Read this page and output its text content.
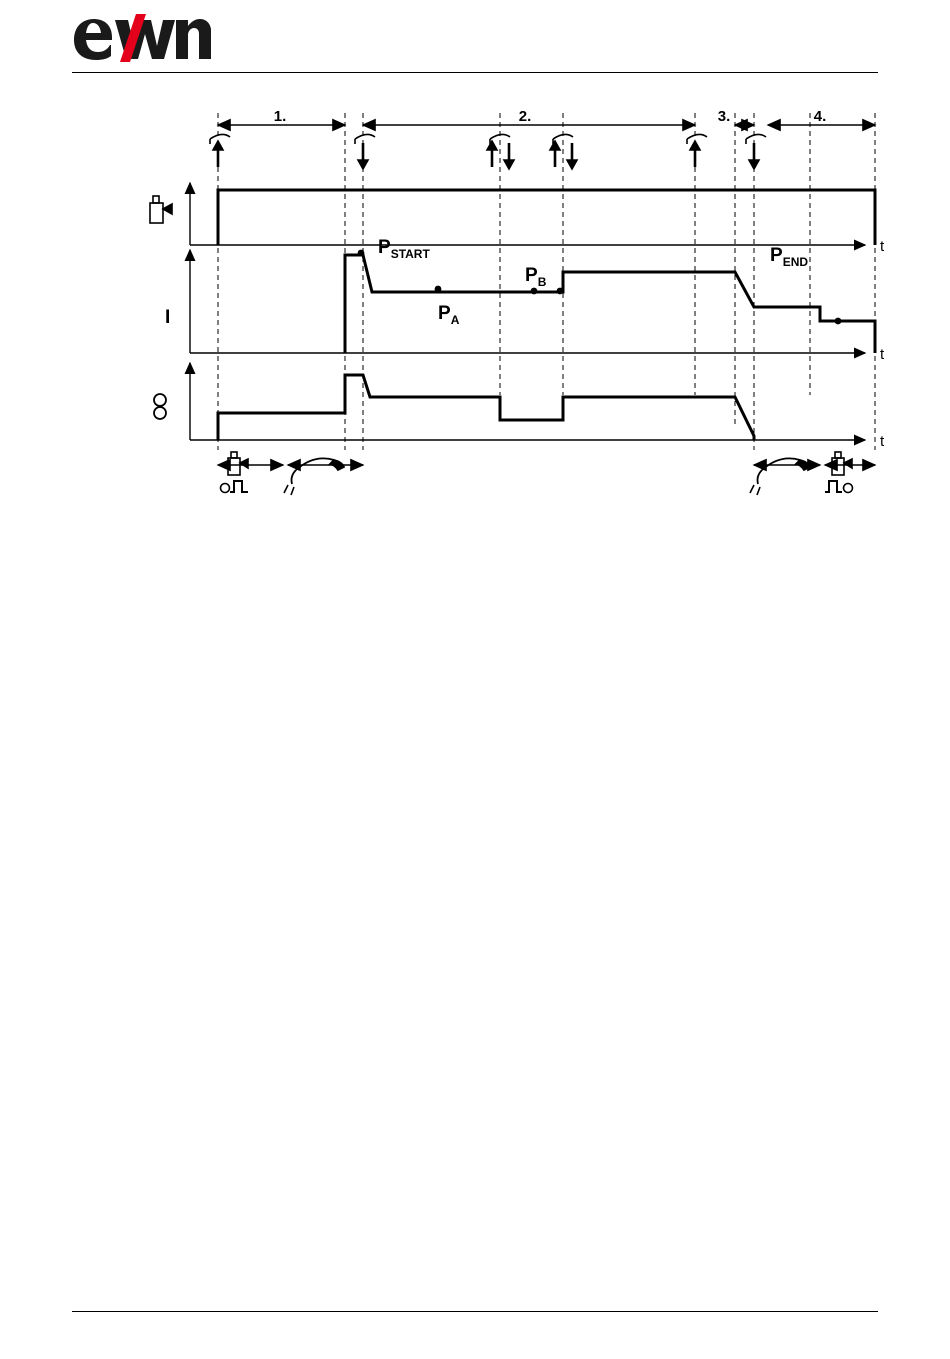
1.	2.	3.	4.
t
I
t
$P_{START}$
$P_A$
$P_B$
$P_{END}$
t
